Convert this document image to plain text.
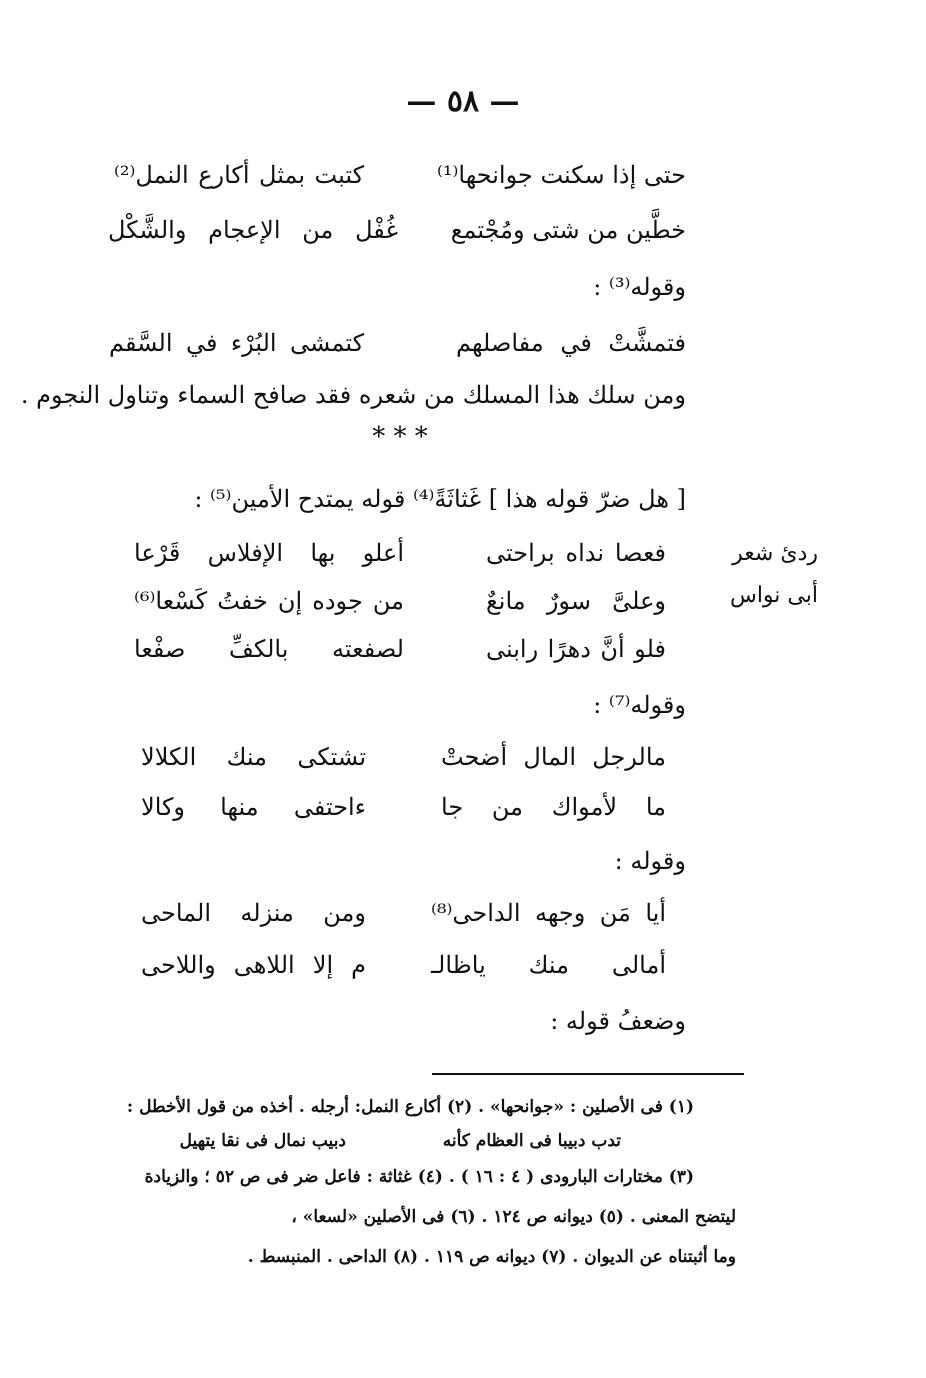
— ٥٨ —
حتى إذا سكنت جوانحها⁽¹⁾
كتبت بمثل أكارع النمل⁽²⁾
خطَّين من شتى ومُجْتمع
غُفْل من الإعجام والشَّكْل
وقوله⁽³⁾ :
فتمشَّتْ في مفاصلهم
كتمشى البُرْء في السَّقم
ومن سلك هذا المسلك من شعره فقد صافح السماء وتناول النجوم .
* * *
[ هل ضرّ قوله هذا ] غَثاثَةً⁽⁴⁾ قوله يمتدح الأمين⁽⁵⁾ :
ردئ شعر
أبى نواس
فعصا نداه براحتى
أعلو بها الإفلاس قَرْعا
وعلىَّ سورٌ مانعٌ
من جوده إن خفتُ كَسْعا⁽⁶⁾
فلو أنَّ دهرًا رابنى
لصفعته بالكفِّ صفْعا
وقوله⁽⁷⁾ :
مالرجل المال أضحتْ
تشتكى منك الكلالا
ما لأمواك من جا
ءاحتفى منها وكالا
وقوله :
أيا مَن وجهه الداحى⁽⁸⁾
ومن منزله الماحى
أمالى منك ياظالـ
م إلا اللاهى واللاحى
وضعفُ قوله :
(١) فى الأصلين : «جوانحها» . (٢) أكارع النمل: أرجله . أخذه من قول الأخطل :
تدب دبيبا فى العظام كأنه
دبيب نمال فى نقا يتهيل
(٣) مختارات البارودى ( ٤ : ١٦ ) . (٤) غثاثة : فاعل ضر فى ص ٥٢ ؛ والزيادة
ليتضح المعنى . (٥) ديوانه ص ١٢٤ . (٦) فى الأصلين «لسعا» ،
وما أثبتناه عن الديوان . (٧) ديوانه ص ١١٩ . (٨) الداحى . المنبسط .
